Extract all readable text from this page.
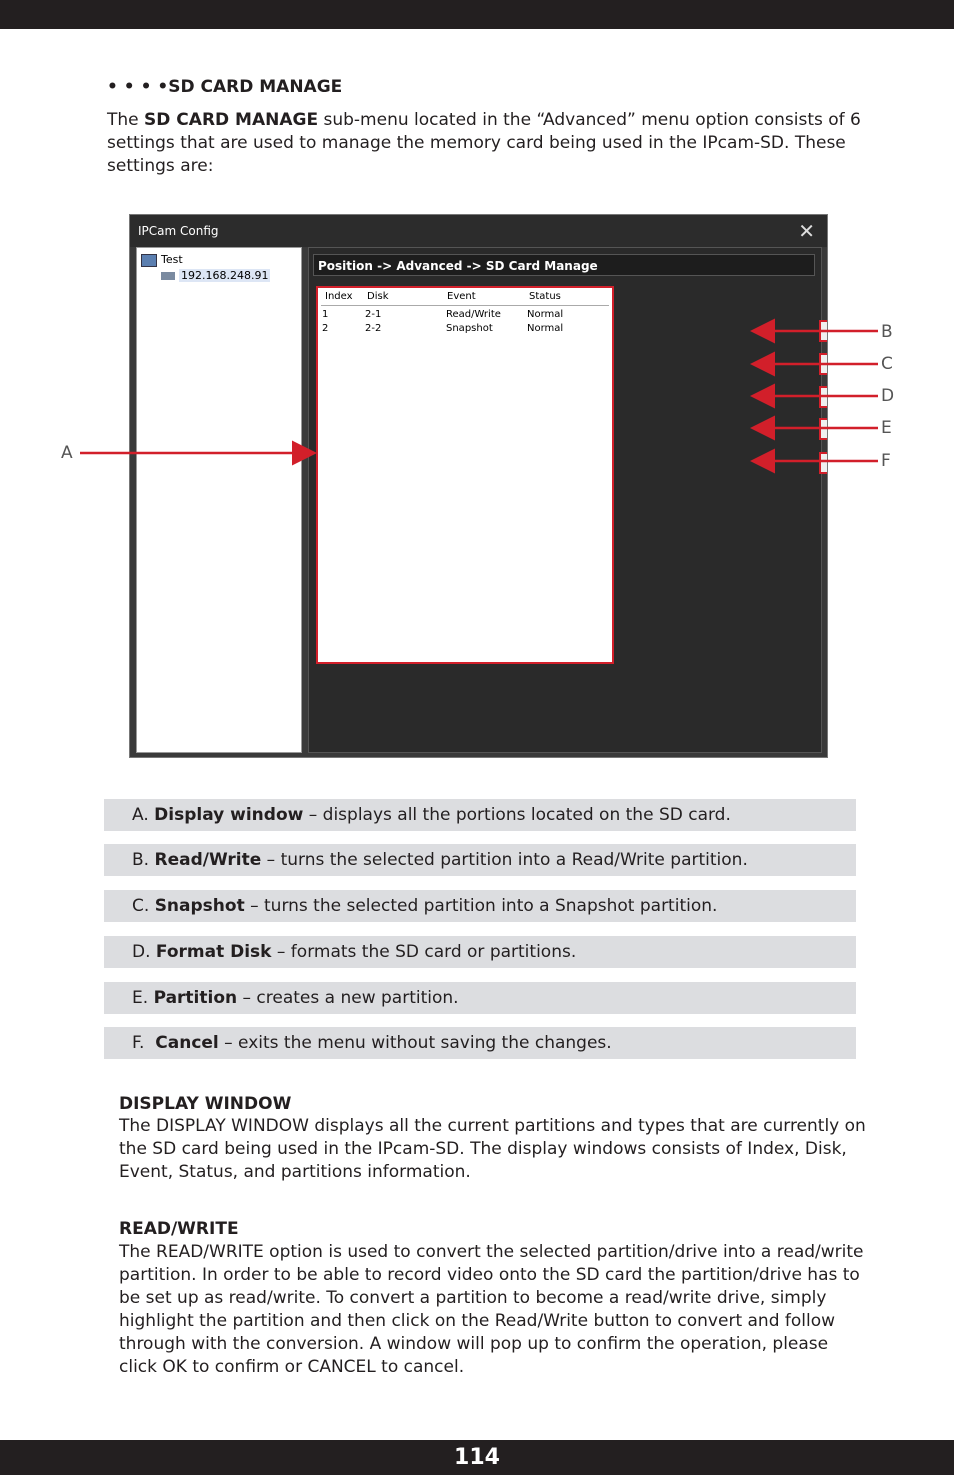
• • • •SD CARD MANAGE
The SD CARD MANAGE sub-menu located in the “Advanced” menu option consists of 6 settings that are used to manage the memory card being used in the IPcam-SD. These settings are:
IPCam Config	✕
Test
192.168.248.91
Position -> Advanced -> SD Card Manage
Index Disk	Event	Status
1	2-1	Read/Write	Normal
2	2-2	Snapshot	Normal
A
B
C
D
E
F
A. Display window – displays all the portions located on the SD card.
B. Read/Write – turns the selected partition into a Read/Write partition.
C. Snapshot – turns the selected partition into a Snapshot partition.
D. Format Disk – formats the SD card or partitions.
E. Partition – creates a new partition.
F.  Cancel – exits the menu without saving the changes.
DISPLAY WINDOW
The DISPLAY WINDOW displays all the current partitions and types that are currently on the SD card being used in the IPcam-SD. The display windows consists of Index, Disk, Event, Status, and partitions information.
READ/WRITE
The READ/WRITE option is used to convert the selected partition/drive into a read/write partition. In order to be able to record video onto the SD card the partition/drive has to be set up as read/write. To convert a partition to become a read/write drive, simply highlight the partition and then click on the Read/Write button to convert and follow through with the conversion. A window will pop up to confirm the operation, please click OK to confirm or CANCEL to cancel.
114
